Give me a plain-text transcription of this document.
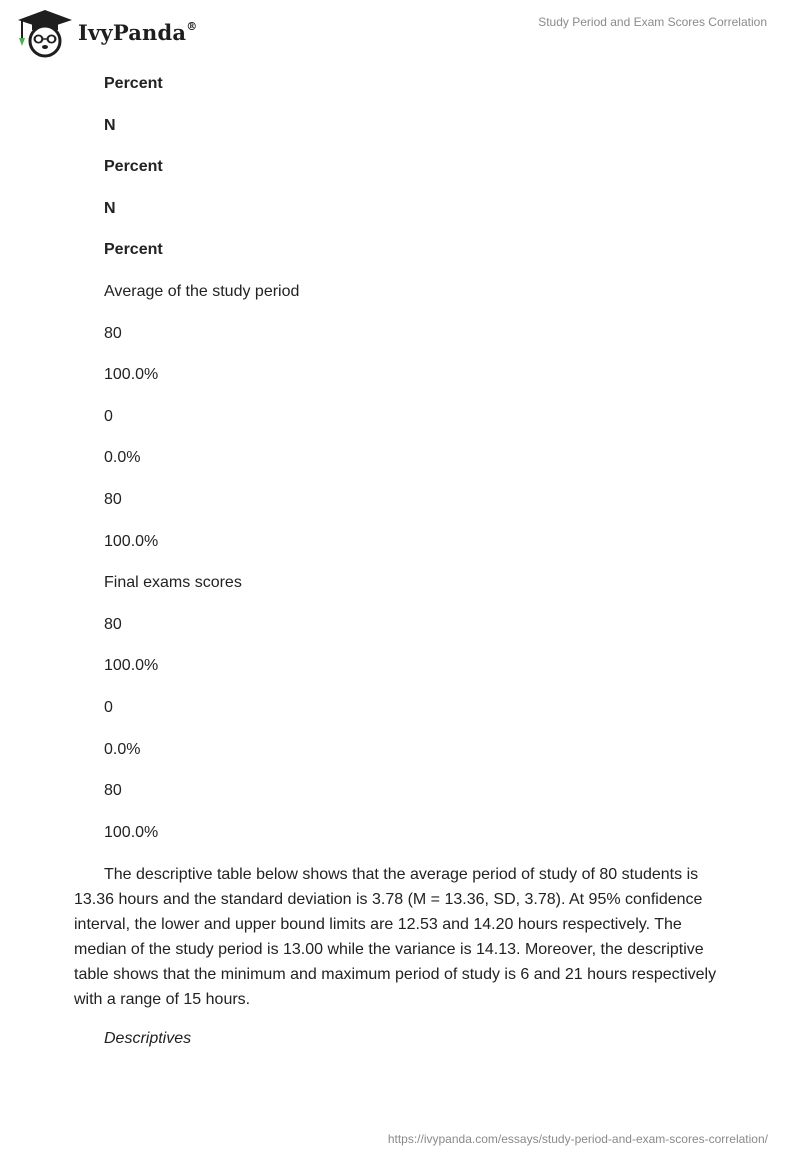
IvyPanda®	Study Period and Exam Scores Correlation
Percent
N
Percent
N
Percent
Average of the study period
80
100.0%
0
0.0%
80
100.0%
Final exams scores
80
100.0%
0
0.0%
80
100.0%

The descriptive table below shows that the average period of study of 80 students is 13.36 hours and the standard deviation is 3.78 (M = 13.36, SD, 3.78). At 95% confidence interval, the lower and upper bound limits are 12.53 and 14.20 hours respectively. The median of the study period is 13.00 while the variance is 14.13. Moreover, the descriptive table shows that the minimum and maximum period of study is 6 and 21 hours respectively with a range of 15 hours.

Descriptives
https://ivypanda.com/essays/study-period-and-exam-scores-correlation/
